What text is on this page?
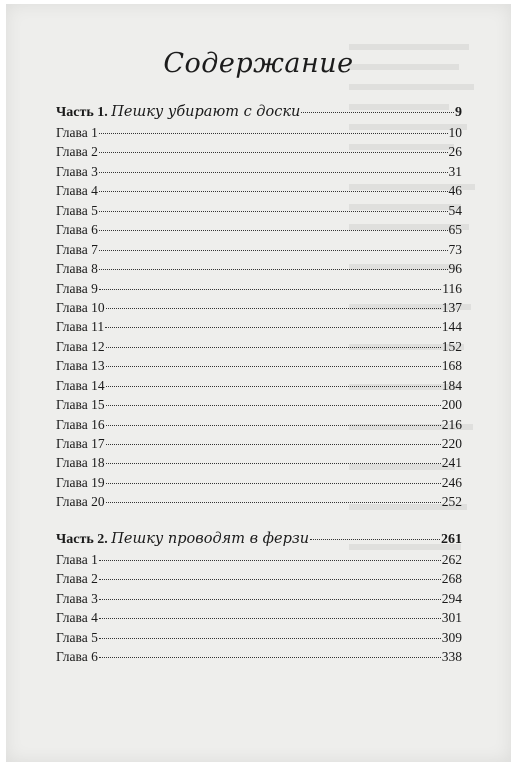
Содержание
Часть 1. Пешку убирают с доски	9
Глава 1	10
Глава 2	26
Глава 3	31
Глава 4	46
Глава 5	54
Глава 6	65
Глава 7	73
Глава 8	96
Глава 9	116
Глава 10	137
Глава 11	144
Глава 12	152
Глава 13	168
Глава 14	184
Глава 15	200
Глава 16	216
Глава 17	220
Глава 18	241
Глава 19	246
Глава 20	252
Часть 2. Пешку проводят в ферзи	261
Глава 1	262
Глава 2	268
Глава 3	294
Глава 4	301
Глава 5	309
Глава 6	338
